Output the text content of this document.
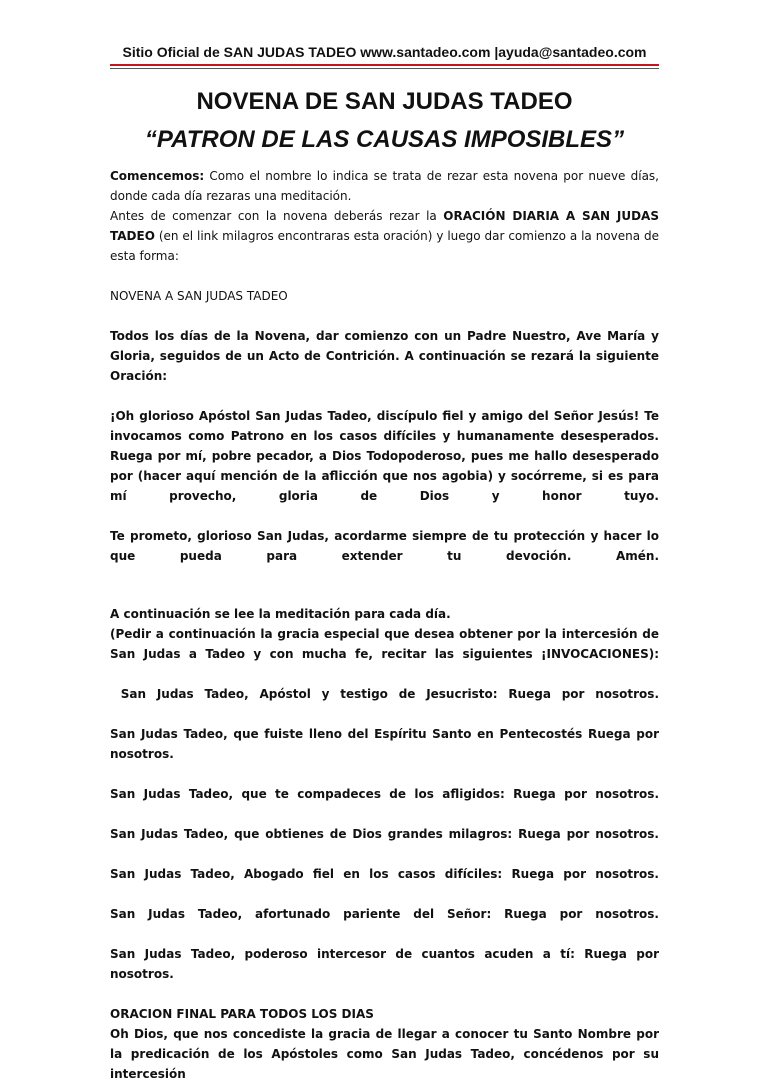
Sitio Oficial de SAN JUDAS TADEO www.santadeo.com |ayuda@santadeo.com
NOVENA DE SAN JUDAS TADEO
“PATRON DE LAS CAUSAS IMPOSIBLES”

Comencemos: Como el nombre lo indica se trata de rezar esta novena por nueve días, donde cada día rezaras una meditación.

Antes de comenzar con la novena deberás rezar la ORACIÓN DIARIA A SAN JUDAS TADEO (en el link milagros encontraras esta oración) y luego dar comienzo a la novena de esta forma:

NOVENA A SAN JUDAS TADEO

Todos los días de la Novena, dar comienzo con un Padre Nuestro, Ave María y Gloria, seguidos de un Acto de Contrición. A continuación se rezará la siguiente Oración:

¡Oh glorioso Apóstol San Judas Tadeo, discípulo fiel y amigo del Señor Jesús! Te invocamos como Patrono en los casos difíciles y humanamente desesperados. Ruega por mí, pobre pecador, a Dios Todopoderoso, pues me hallo desesperado por (hacer aquí mención de la aflicción que nos agobia) y socórreme, si es para mí provecho, gloria de Dios y honor tuyo.

Te prometo, glorioso San Judas, acordarme siempre de tu protección y hacer lo que pueda para extender tu devoción. Amén.

A continuación se lee la meditación para cada día.

(Pedir a continuación la gracia especial que desea obtener por la intercesión de San Judas a Tadeo y con mucha fe, recitar las siguientes ¡INVOCACIONES):

San Judas Tadeo, Apóstol y testigo de Jesucristo: Ruega por nosotros.

San Judas Tadeo, que fuiste lleno del Espíritu Santo en Pentecostés Ruega por nosotros.

San Judas Tadeo, que te compadeces de los afligidos: Ruega por nosotros.

San Judas Tadeo, que obtienes de Dios grandes milagros: Ruega por nosotros.

San Judas Tadeo, Abogado fiel en los casos difíciles: Ruega por nosotros.

San Judas Tadeo, afortunado pariente del Señor: Ruega por nosotros.

San Judas Tadeo, poderoso intercesor de cuantos acuden a tí: Ruega por nosotros.

ORACION FINAL PARA TODOS LOS DIAS

Oh Dios, que nos concediste la gracia de llegar a conocer tu Santo Nombre por la predicación de los Apóstoles como San Judas Tadeo, concédenos por su intercesión
